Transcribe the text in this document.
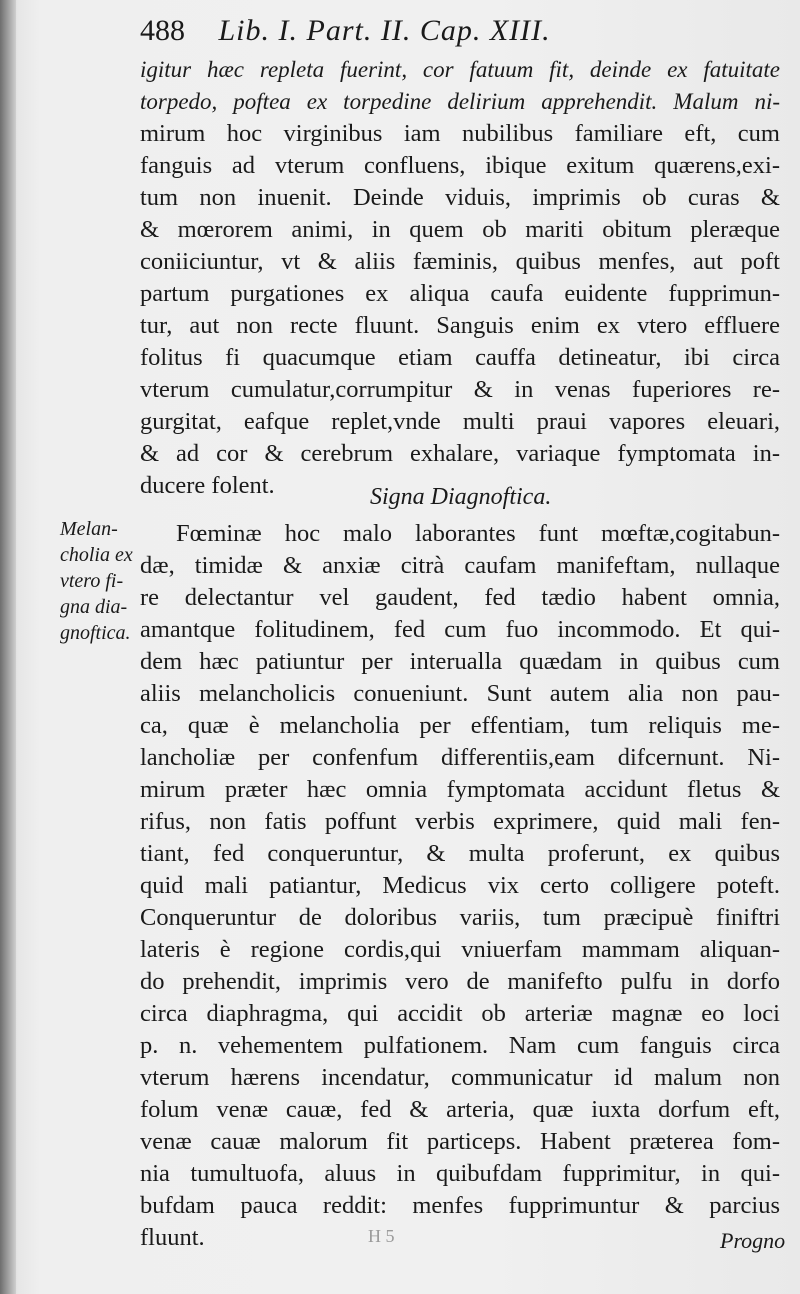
488 Lib. I. Part. II. Cap. XIII.
igitur hæc repleta fuerint, cor fatuum fit, deinde ex fatuitate
torpedo, poftea ex torpedine delirium apprehendit. Malum ni-
mirum hoc virginibus iam nubilibus familiare eft, cum
fanguis ad vterum confluens, ibique exitum quærens,exi-
tum non inuenit. Deinde viduis, imprimis ob curas &
& mœrorem animi, in quem ob mariti obitum pleræque
coniiciuntur, vt & aliis fæminis, quibus menfes, aut poft
partum purgationes ex aliqua caufa euidente fupprimun-
tur, aut non recte fluunt. Sanguis enim ex vtero effluere
folitus fi quacumque etiam cauffa detineatur, ibi circa
vterum cumulatur,corrumpitur & in venas fuperiores re-
gurgitat, eafque replet,vnde multi praui vapores eleuari,
& ad cor & cerebrum exhalare, variaque fymptomata in-
ducere folent.	Signa Diagnoftica.
Melan-
cholia ex
vtero fi-
gna dia-
gnoftica.
Fœminæ hoc malo laborantes funt mœftæ,cogitabun-
dæ, timidæ & anxiæ citrà caufam manifeftam, nullaque
re delectantur vel gaudent, fed tædio habent omnia,
amantque folitudinem, fed cum fuo incommodo. Et qui-
dem hæc patiuntur per interualla quædam in quibus cum
aliis melancholicis conueniunt. Sunt autem alia non pau-
ca, quæ è melancholia per effentiam, tum reliquis me-
lancholiæ per confenfum differentiis,eam difcernunt. Ni-
mirum præter hæc omnia fymptomata accidunt fletus &
rifus, non fatis poffunt verbis exprimere, quid mali fen-
tiant, fed conqueruntur, & multa proferunt, ex quibus
quid mali patiantur, Medicus vix certo colligere poteft.
Conqueruntur de doloribus variis, tum præcipuè finiftri
lateris è regione cordis,qui vniuerfam mammam aliquan-
do prehendit, imprimis vero de manifefto pulfu in dorfo
circa diaphragma, qui accidit ob arteriæ magnæ eo loci
p. n. vehementem pulfationem. Nam cum fanguis circa
vterum hærens incendatur, communicatur id malum non
folum venæ cauæ, fed & arteria, quæ iuxta dorfum eft,
venæ cauæ malorum fit particeps. Habent præterea fom-
nia tumultuofa, aluus in quibufdam fupprimitur, in qui-
bufdam pauca reddit: menfes fupprimuntur & parcius
fluunt.	H 5	Progno
